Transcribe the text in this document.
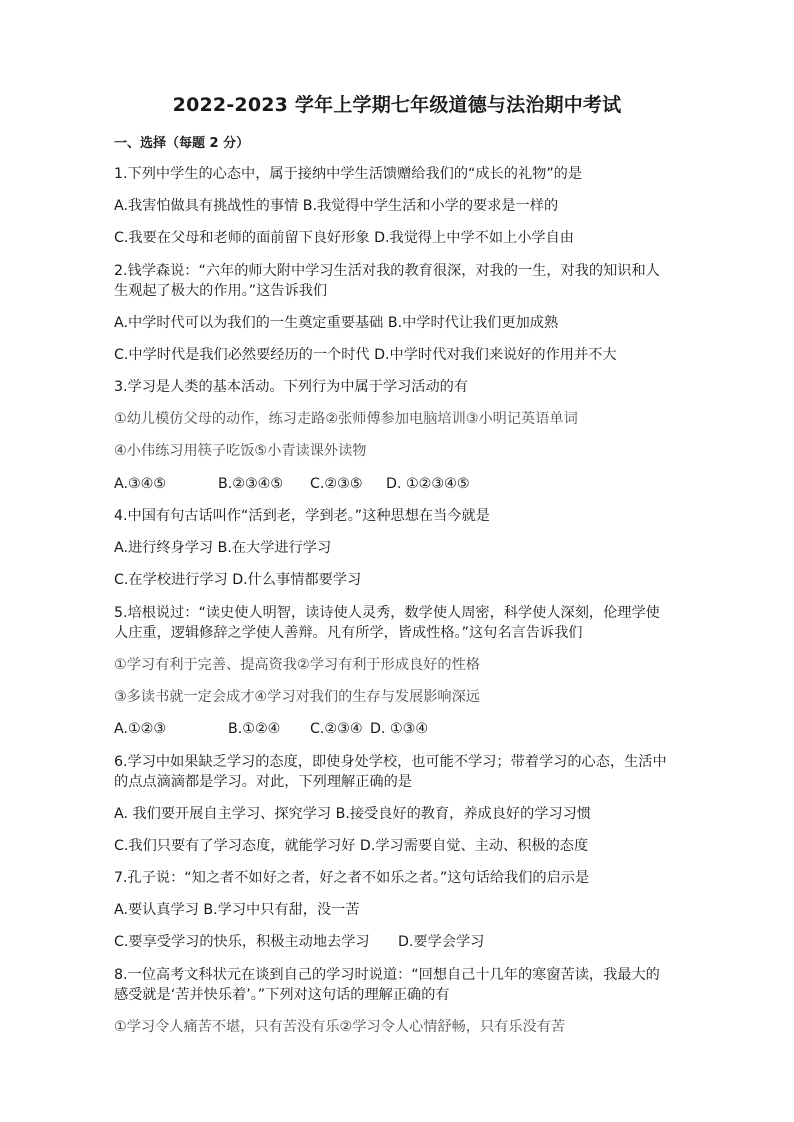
2022-2023 学年上学期七年级道德与法治期中考试
一、选择（每题 2 分）
1.下列中学生的心态中，属于接纳中学生活馈赠给我们的“成长的礼物”的是
A.我害怕做具有挑战性的事情 B.我觉得中学生活和小学的要求是一样的
C.我要在父母和老师的面前留下良好形象 D.我觉得上中学不如上小学自由
2.钱学森说：“六年的师大附中学习生活对我的教育很深，对我的一生，对我的知识和人
生观起了极大的作用。”这告诉我们
A.中学时代可以为我们的一生奠定重要基础 B.中学时代让我们更加成熟
C.中学时代是我们必然要经历的一个时代 D.中学时代对我们来说好的作用并不大
3.学习是人类的基本活动。下列行为中属于学习活动的有
①幼儿模仿父母的动作，练习走路②张师傅参加电脑培训③小明记英语单词
④小伟练习用筷子吃饭⑤小青读课外读物
A.③④⑤	B.②③④⑤ C.②③⑤ D. ①②③④⑤
4.中国有句古话叫作“活到老，学到老。”这种思想在当今就是
A.进行终身学习 B.在大学进行学习
C.在学校进行学习 D.什么事情都要学习
5.培根说过：“读史使人明智，读诗使人灵秀，数学使人周密，科学使人深刻，伦理学使
人庄重，逻辑修辞之学使人善辩。凡有所学，皆成性格。”这句名言告诉我们
①学习有利于完善、提高资我②学习有利于形成良好的性格
③多读书就一定会成才④学习对我们的生存与发展影响深远
A.①②③	B.①②④ C.②③④ D. ①③④
6.学习中如果缺乏学习的态度，即使身处学校，也可能不学习；带着学习的心态，生活中
的点点滴滴都是学习。对此，下列理解正确的是
A. 我们要开展自主学习、探究学习 B.接受良好的教育，养成良好的学习习惯
C.我们只要有了学习态度，就能学习好 D.学习需要自觉、主动、积极的态度
7.孔子说：“知之者不如好之者，好之者不如乐之者。”这句话给我们的启示是
A.要认真学习 B.学习中只有甜，没一苦
C.要享受学习的快乐，积极主动地去学习 D.要学会学习
8.一位高考文科状元在谈到自己的学习时说道：“回想自己十几年的寒窗苦读，我最大的
感受就是‘苦并快乐着’。”下列对这句话的理解正确的有
①学习令人痛苦不堪，只有苦没有乐②学习令人心情舒畅，只有乐没有苦
